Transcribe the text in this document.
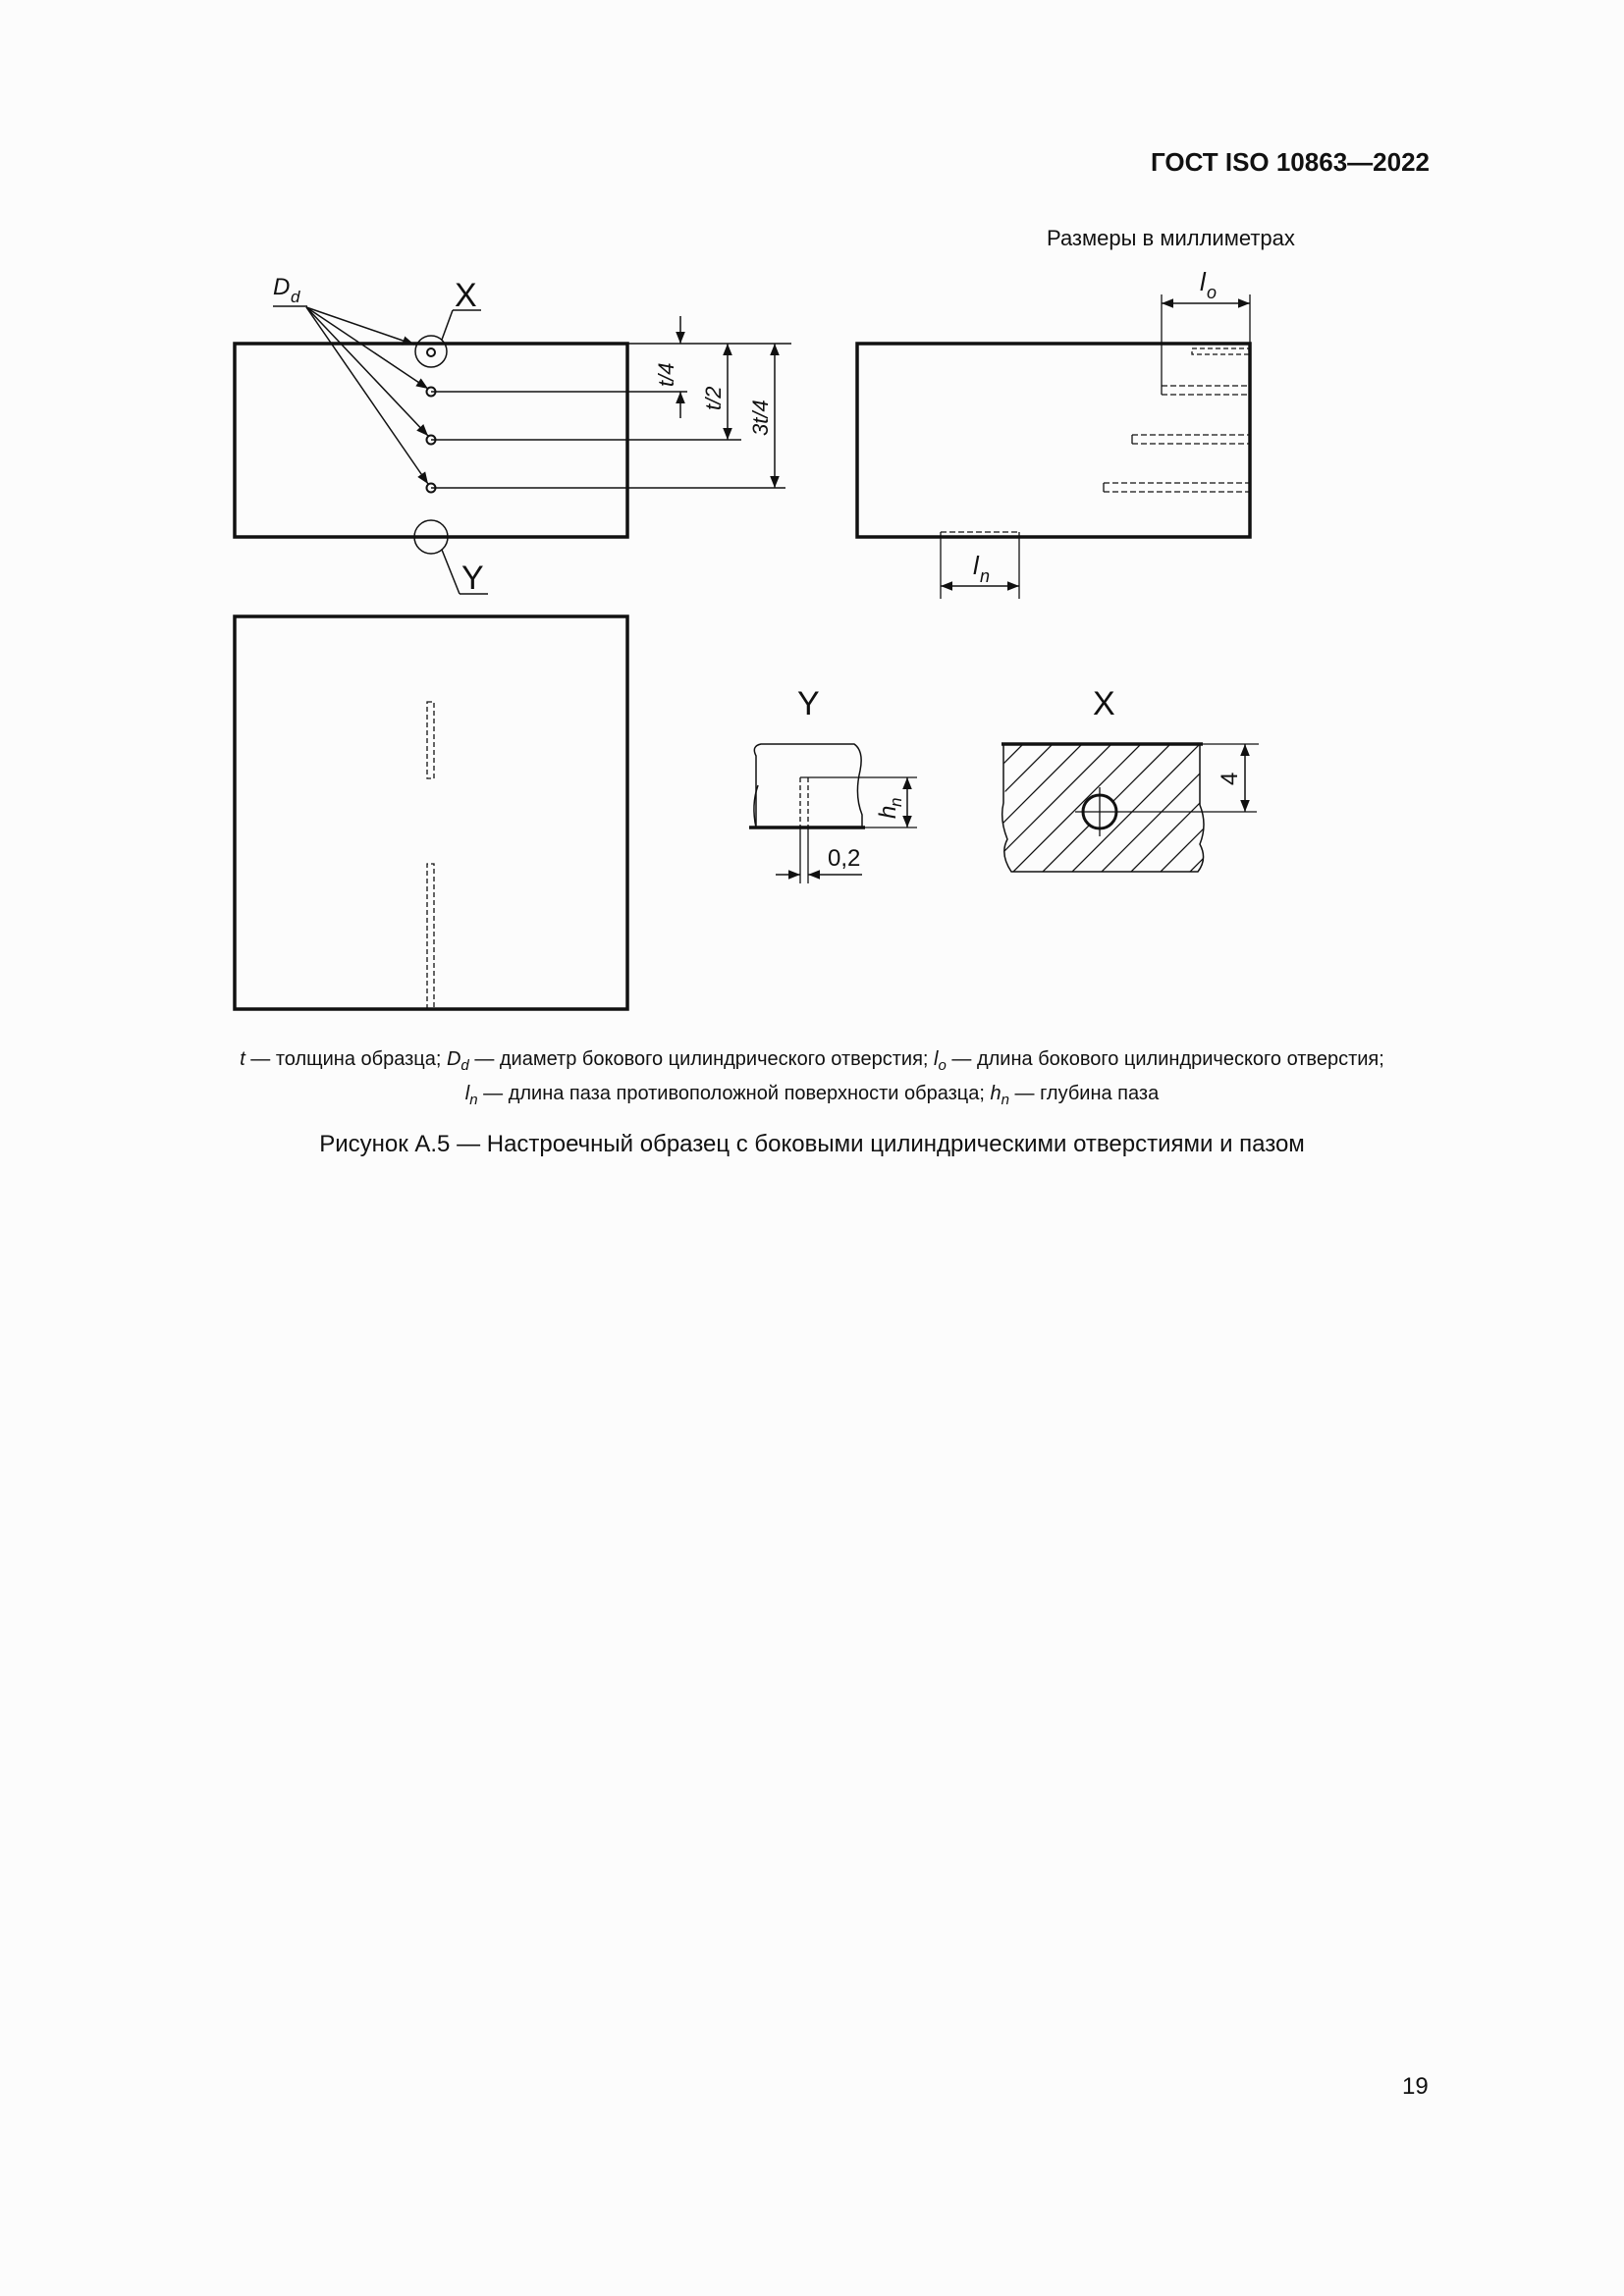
ГОСТ ISO 10863—2022
Размеры в миллиметрах
D d	X
Y
t/4
t/2
3t/4
l o
l n
Y
h
n
0,2
X
4
t — толщина образца; $D_d$ — диаметр бокового цилиндрического отверстия; $l_o$ — длина бокового цилиндрического отверстия;
$l_n$ — длина паза противоположной поверхности образца; $h_n$ — глубина паза
Рисунок А.5 — Настроечный образец с боковыми цилиндрическими отверстиями и пазом
19
